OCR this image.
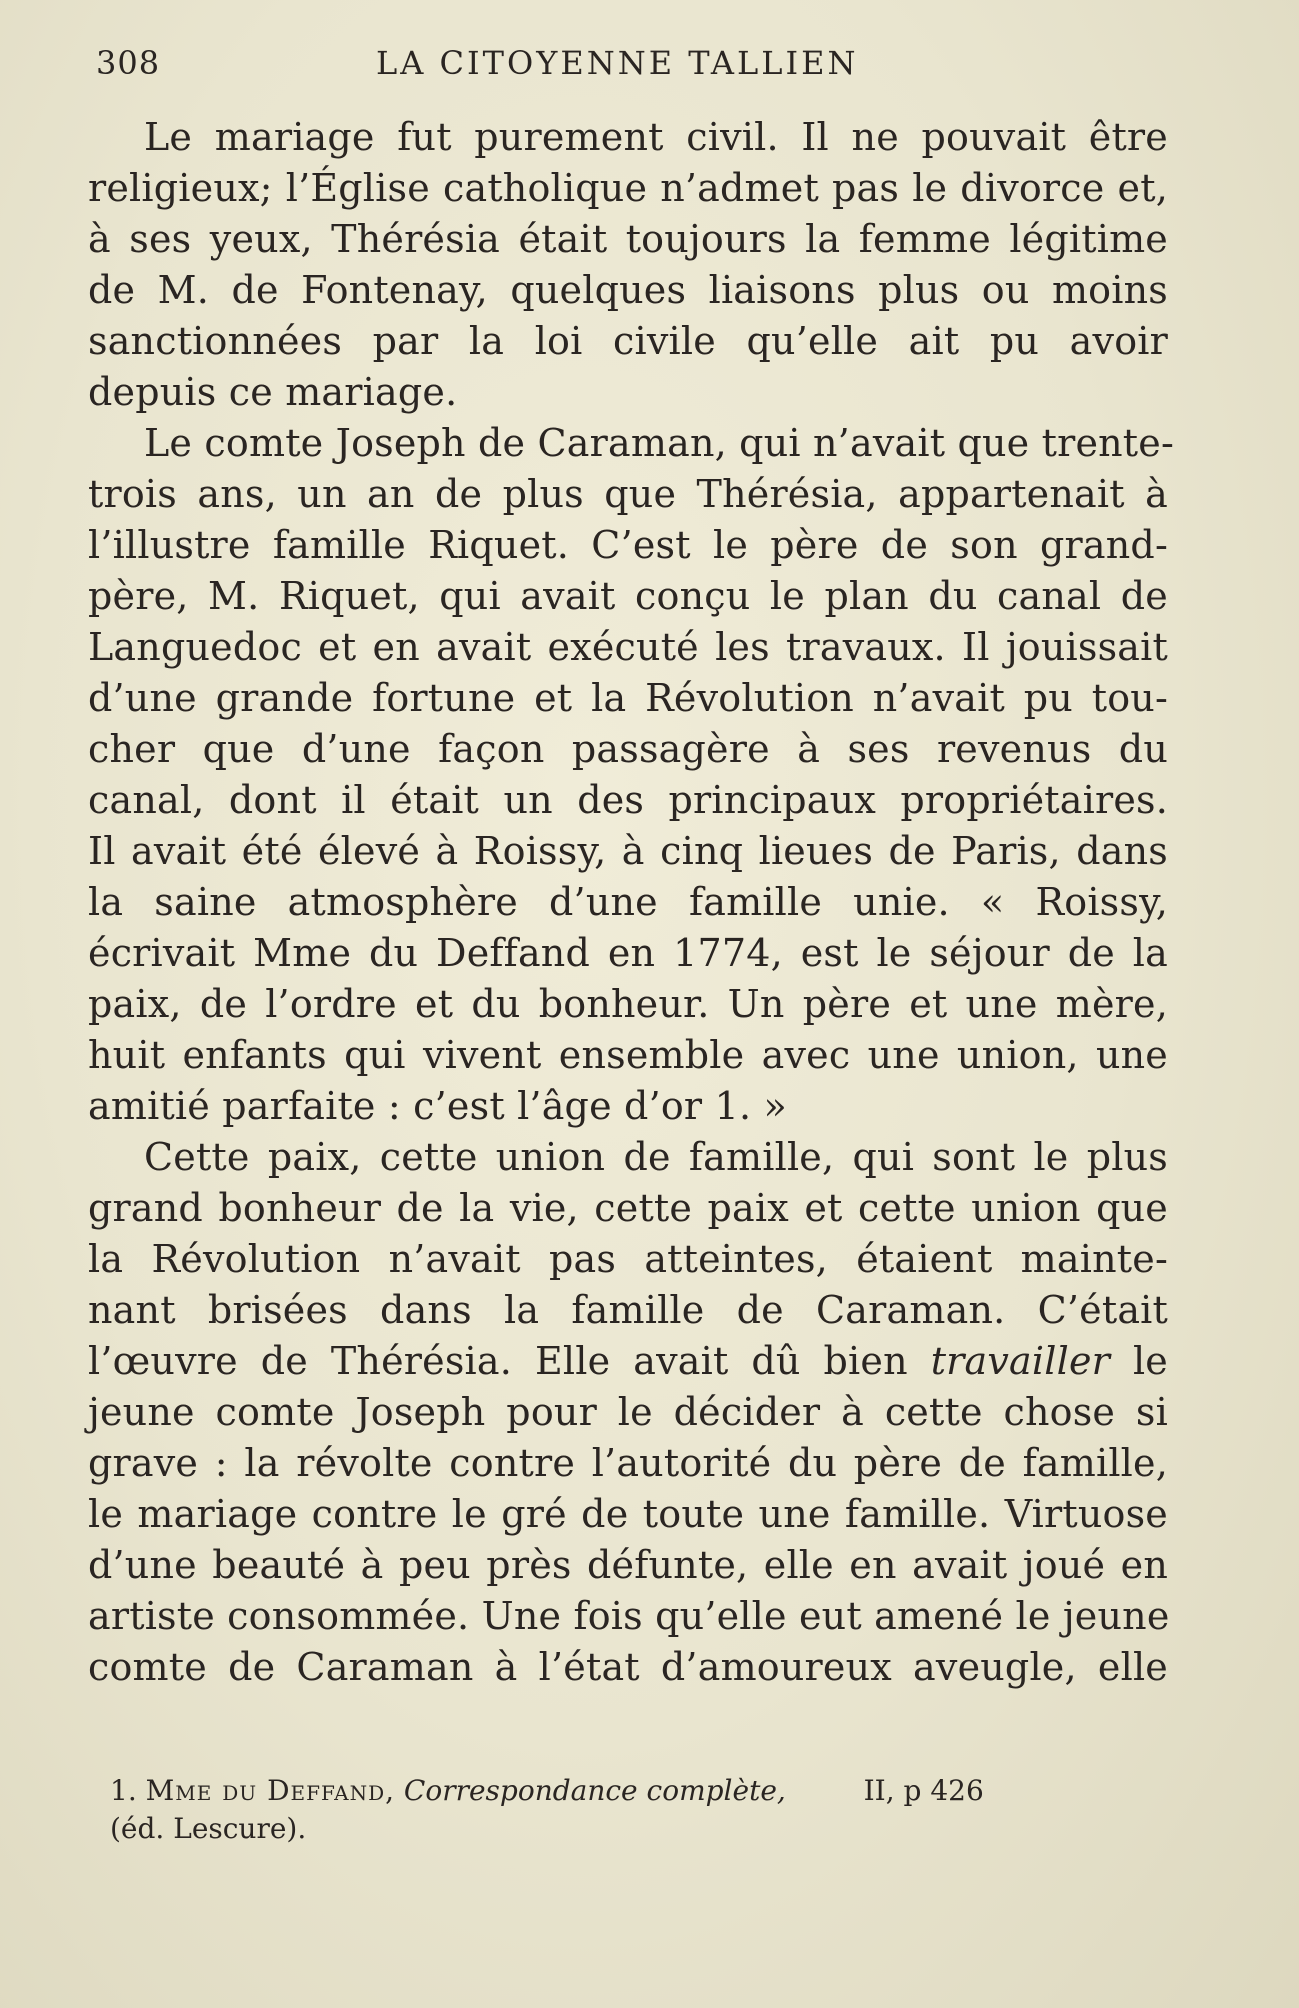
308	LA CITOYENNE TALLIEN
Le mariage fut purement civil. Il ne pouvait être
religieux; l’Église catholique n’admet pas le divorce et,
à ses yeux, Thérésia était toujours la femme légitime
de M. de Fontenay, quelques liaisons plus ou moins
sanctionnées par la loi civile qu’elle ait pu avoir
depuis ce mariage.
Le comte Joseph de Caraman, qui n’avait que trente-
trois ans, un an de plus que Thérésia, appartenait à
l’illustre famille Riquet. C’est le père de son grand-
père, M. Riquet, qui avait conçu le plan du canal de
Languedoc et en avait exécuté les travaux. Il jouissait
d’une grande fortune et la Révolution n’avait pu tou-
cher que d’une façon passagère à ses revenus du
canal, dont il était un des principaux propriétaires.
Il avait été élevé à Roissy, à cinq lieues de Paris, dans
la saine atmosphère d’une famille unie. « Roissy,
écrivait Mme du Deffand en 1774, est le séjour de la
paix, de l’ordre et du bonheur. Un père et une mère,
huit enfants qui vivent ensemble avec une union, une
amitié parfaite : c’est l’âge d’or 1. »
Cette paix, cette union de famille, qui sont le plus
grand bonheur de la vie, cette paix et cette union que
la Révolution n’avait pas atteintes, étaient mainte-
nant brisées dans la famille de Caraman. C’était
l’œuvre de Thérésia. Elle avait dû bien travailler le
jeune comte Joseph pour le décider à cette chose si
grave : la révolte contre l’autorité du père de famille,
le mariage contre le gré de toute une famille. Virtuose
d’une beauté à peu près défunte, elle en avait joué en
artiste consommée. Une fois qu’elle eut amené le jeune
comte de Caraman à l’état d’amoureux aveugle, elle
1. Mme du Deffand, Correspondance complète,	II, p 426
(éd. Lescure).
